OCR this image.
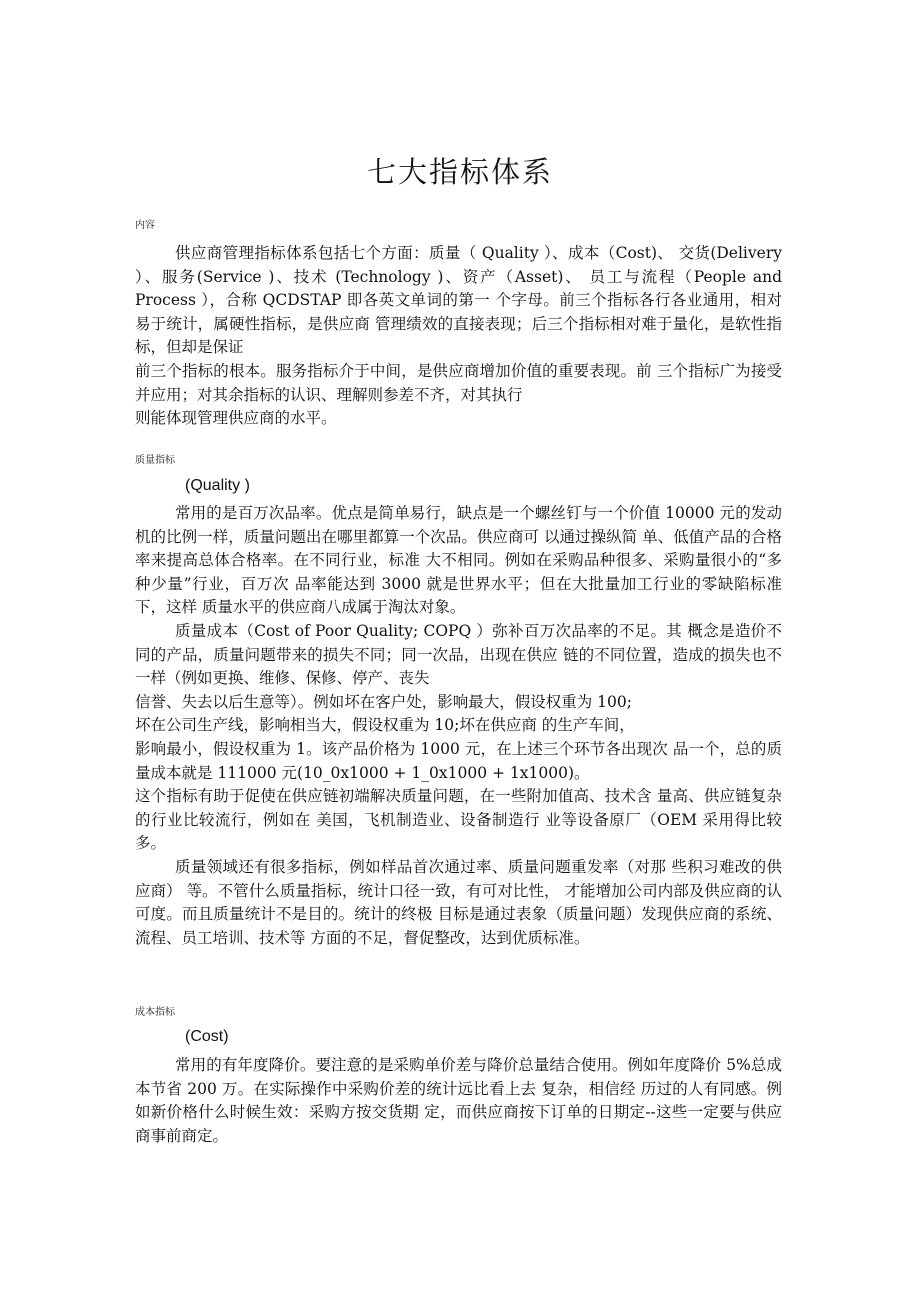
七大指标体系
内容

供应商管理指标体系包括七个方面：质量（ Quality ）、成本（Cost)、 交货(Delivery ）、服务(Service )、技术 (Technology )、资产（Asset)、 员工与流程（People and Process ），合称 QCDSTAP 即各英文单词的第一 个字母。前三个指标各行各业通用，相对易于统计，属硬性指标，是供应商 管理绩效的直接表现；后三个指标相对难于量化，是软性指标，但却是保证

前三个指标的根本。服务指标介于中间，是供应商增加价值的重要表现。前 三个指标广为接受并应用；对其余指标的认识、理解则参差不齐，对其执行

则能体现管理供应商的水平。

质量指标
(Quality )

常用的是百万次品率。优点是简单易行，缺点是一个螺丝钉与一个价值 10000 元的发动机的比例一样，质量问题出在哪里都算一个次品。供应商可 以通过操纵简 单、低值产品的合格率来提高总体合格率。在不同行业，标准 大不相同。例如在采购品种很多、采购量很小的“多种少量”行业，百万次 品率能达到 3000 就是世界水平；但在大批量加工行业的零缺陷标准下，这样 质量水平的供应商八成属于淘汰对象。

质量成本（Cost of Poor Quality; COPQ ）弥补百万次品率的不足。其 概念是造价不同的产品，质量问题带来的损失不同；同一次品，出现在供应 链的不同位置，造成的损失也不一样（例如更换、维修、保修、停产、丧失

信誉、失去以后生意等）。例如坏在客户处，影响最大，假设权重为 100;

坏在公司生产线，影响相当大，假设权重为 10;坏在供应商 的生产车间，

影响最小，假设权重为 1。该产品价格为 1000 元，在上述三个环节各出现次 品一个，总的质量成本就是 111000 元(10_0x1000 + 1_0x1000 + 1x1000)。

这个指标有助于促使在供应链初端解决质量问题，在一些附加值高、技术含 量高、供应链复杂的行业比较流行，例如在 美国，飞机制造业、设备制造行 业等设备原厂（OEM 采用得比较多。

质量领域还有很多指标，例如样品首次通过率、质量问题重发率（对那 些积习难改的供应商） 等。不管什么质量指标，统计口径一致，有可对比性， 才能增加公司内部及供应商的认可度。而且质量统计不是目的。统计的终极 目标是通过表象（质量问题）发现供应商的系统、流程、员工培训、技术等 方面的不足，督促整改，达到优质标准。

成本指标
(Cost)

常用的有年度降价。要注意的是采购单价差与降价总量结合使用。例如年度降价 5%总成本节省 200 万。在实际操作中采购价差的统计远比看上去 复杂，相信经 历过的人有同感。例如新价格什么时候生效：采购方按交货期 定，而供应商按下订单的日期定--这些一定要与供应商事前商定。
